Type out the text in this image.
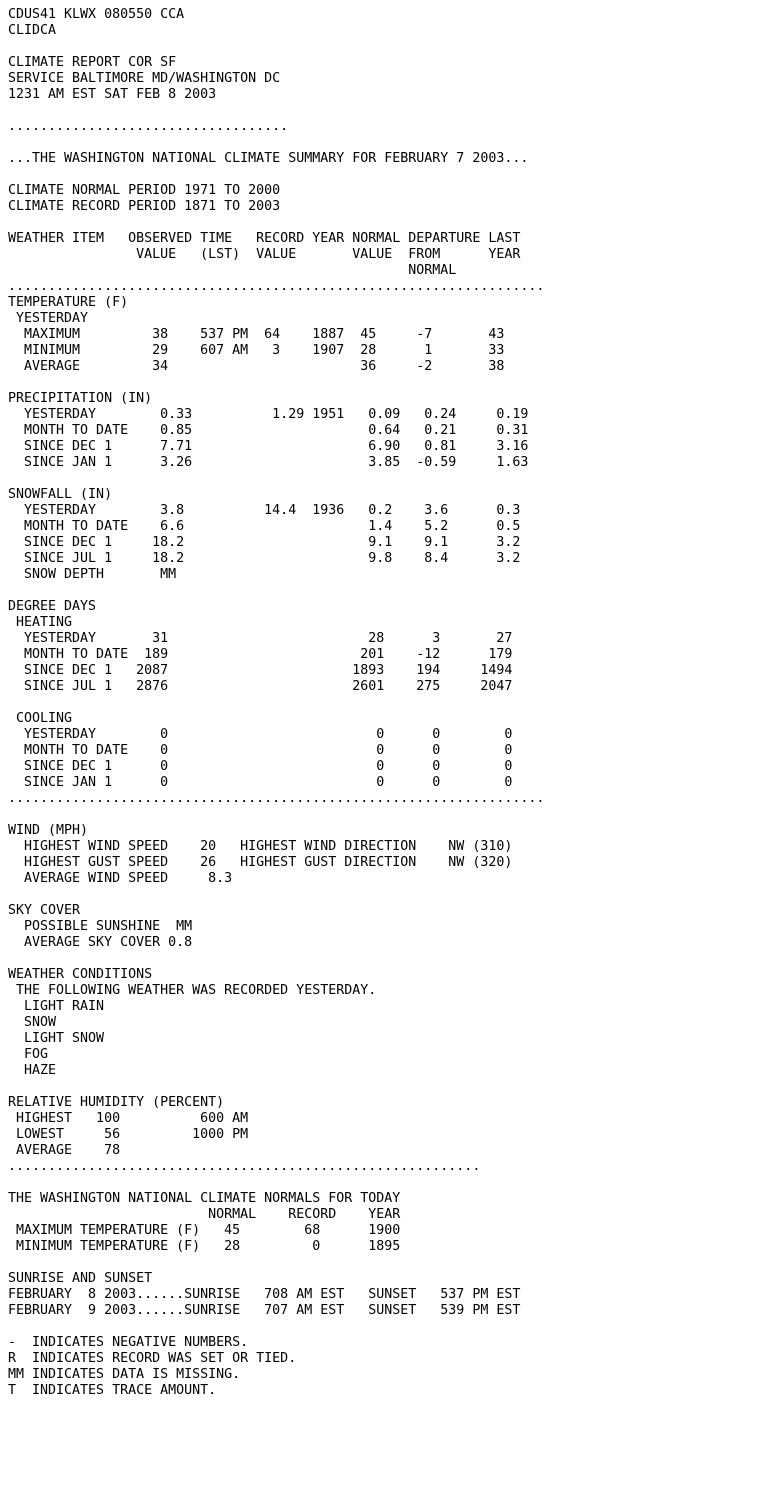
CDUS41 KLWX 080550 CCA
CLIDCA
CLIMATE REPORT COR SF
SERVICE BALTIMORE MD/WASHINGTON DC
1231 AM EST SAT FEB 8 2003
...................................
...THE WASHINGTON NATIONAL CLIMATE SUMMARY FOR FEBRUARY 7 2003...
CLIMATE NORMAL PERIOD 1971 TO 2000
CLIMATE RECORD PERIOD 1871 TO 2003
WEATHER ITEM   OBSERVED TIME   RECORD YEAR NORMAL DEPARTURE LAST
VALUE   (LST)  VALUE       VALUE  FROM      YEAR
NORMAL
...................................................................
TEMPERATURE (F)
YESTERDAY
MAXIMUM         38    537 PM  64    1887  45     -7       43
MINIMUM         29    607 AM   3    1907  28      1       33
AVERAGE         34                        36     -2       38
PRECIPITATION (IN)
YESTERDAY        0.33          1.29 1951   0.09   0.24     0.19
MONTH TO DATE    0.85                      0.64   0.21     0.31
SINCE DEC 1      7.71                      6.90   0.81     3.16
SINCE JAN 1      3.26                      3.85  -0.59     1.63
SNOWFALL (IN)
YESTERDAY        3.8          14.4  1936   0.2    3.6      0.3
MONTH TO DATE    6.6                       1.4    5.2      0.5
SINCE DEC 1     18.2                       9.1    9.1      3.2
SINCE JUL 1     18.2                       9.8    8.4      3.2
SNOW DEPTH       MM
DEGREE DAYS
HEATING
YESTERDAY       31                         28      3       27
MONTH TO DATE  189                        201    -12      179
SINCE DEC 1   2087                       1893    194     1494
SINCE JUL 1   2876                       2601    275     2047
COOLING
YESTERDAY        0                          0      0        0
MONTH TO DATE    0                          0      0        0
SINCE DEC 1      0                          0      0        0
SINCE JAN 1      0                          0      0        0
...................................................................
WIND (MPH)
HIGHEST WIND SPEED    20   HIGHEST WIND DIRECTION    NW (310)
HIGHEST GUST SPEED    26   HIGHEST GUST DIRECTION    NW (320)
AVERAGE WIND SPEED     8.3
SKY COVER
POSSIBLE SUNSHINE  MM
AVERAGE SKY COVER 0.8
WEATHER CONDITIONS
THE FOLLOWING WEATHER WAS RECORDED YESTERDAY.
LIGHT RAIN
SNOW
LIGHT SNOW
FOG
HAZE
RELATIVE HUMIDITY (PERCENT)
HIGHEST   100          600 AM
LOWEST     56         1000 PM
AVERAGE    78
...........................................................
THE WASHINGTON NATIONAL CLIMATE NORMALS FOR TODAY
NORMAL    RECORD    YEAR
MAXIMUM TEMPERATURE (F)   45        68      1900
MINIMUM TEMPERATURE (F)   28         0      1895
SUNRISE AND SUNSET
FEBRUARY  8 2003......SUNRISE   708 AM EST   SUNSET   537 PM EST
FEBRUARY  9 2003......SUNRISE   707 AM EST   SUNSET   539 PM EST
-  INDICATES NEGATIVE NUMBERS.
R  INDICATES RECORD WAS SET OR TIED.
MM INDICATES DATA IS MISSING.
T  INDICATES TRACE AMOUNT.
